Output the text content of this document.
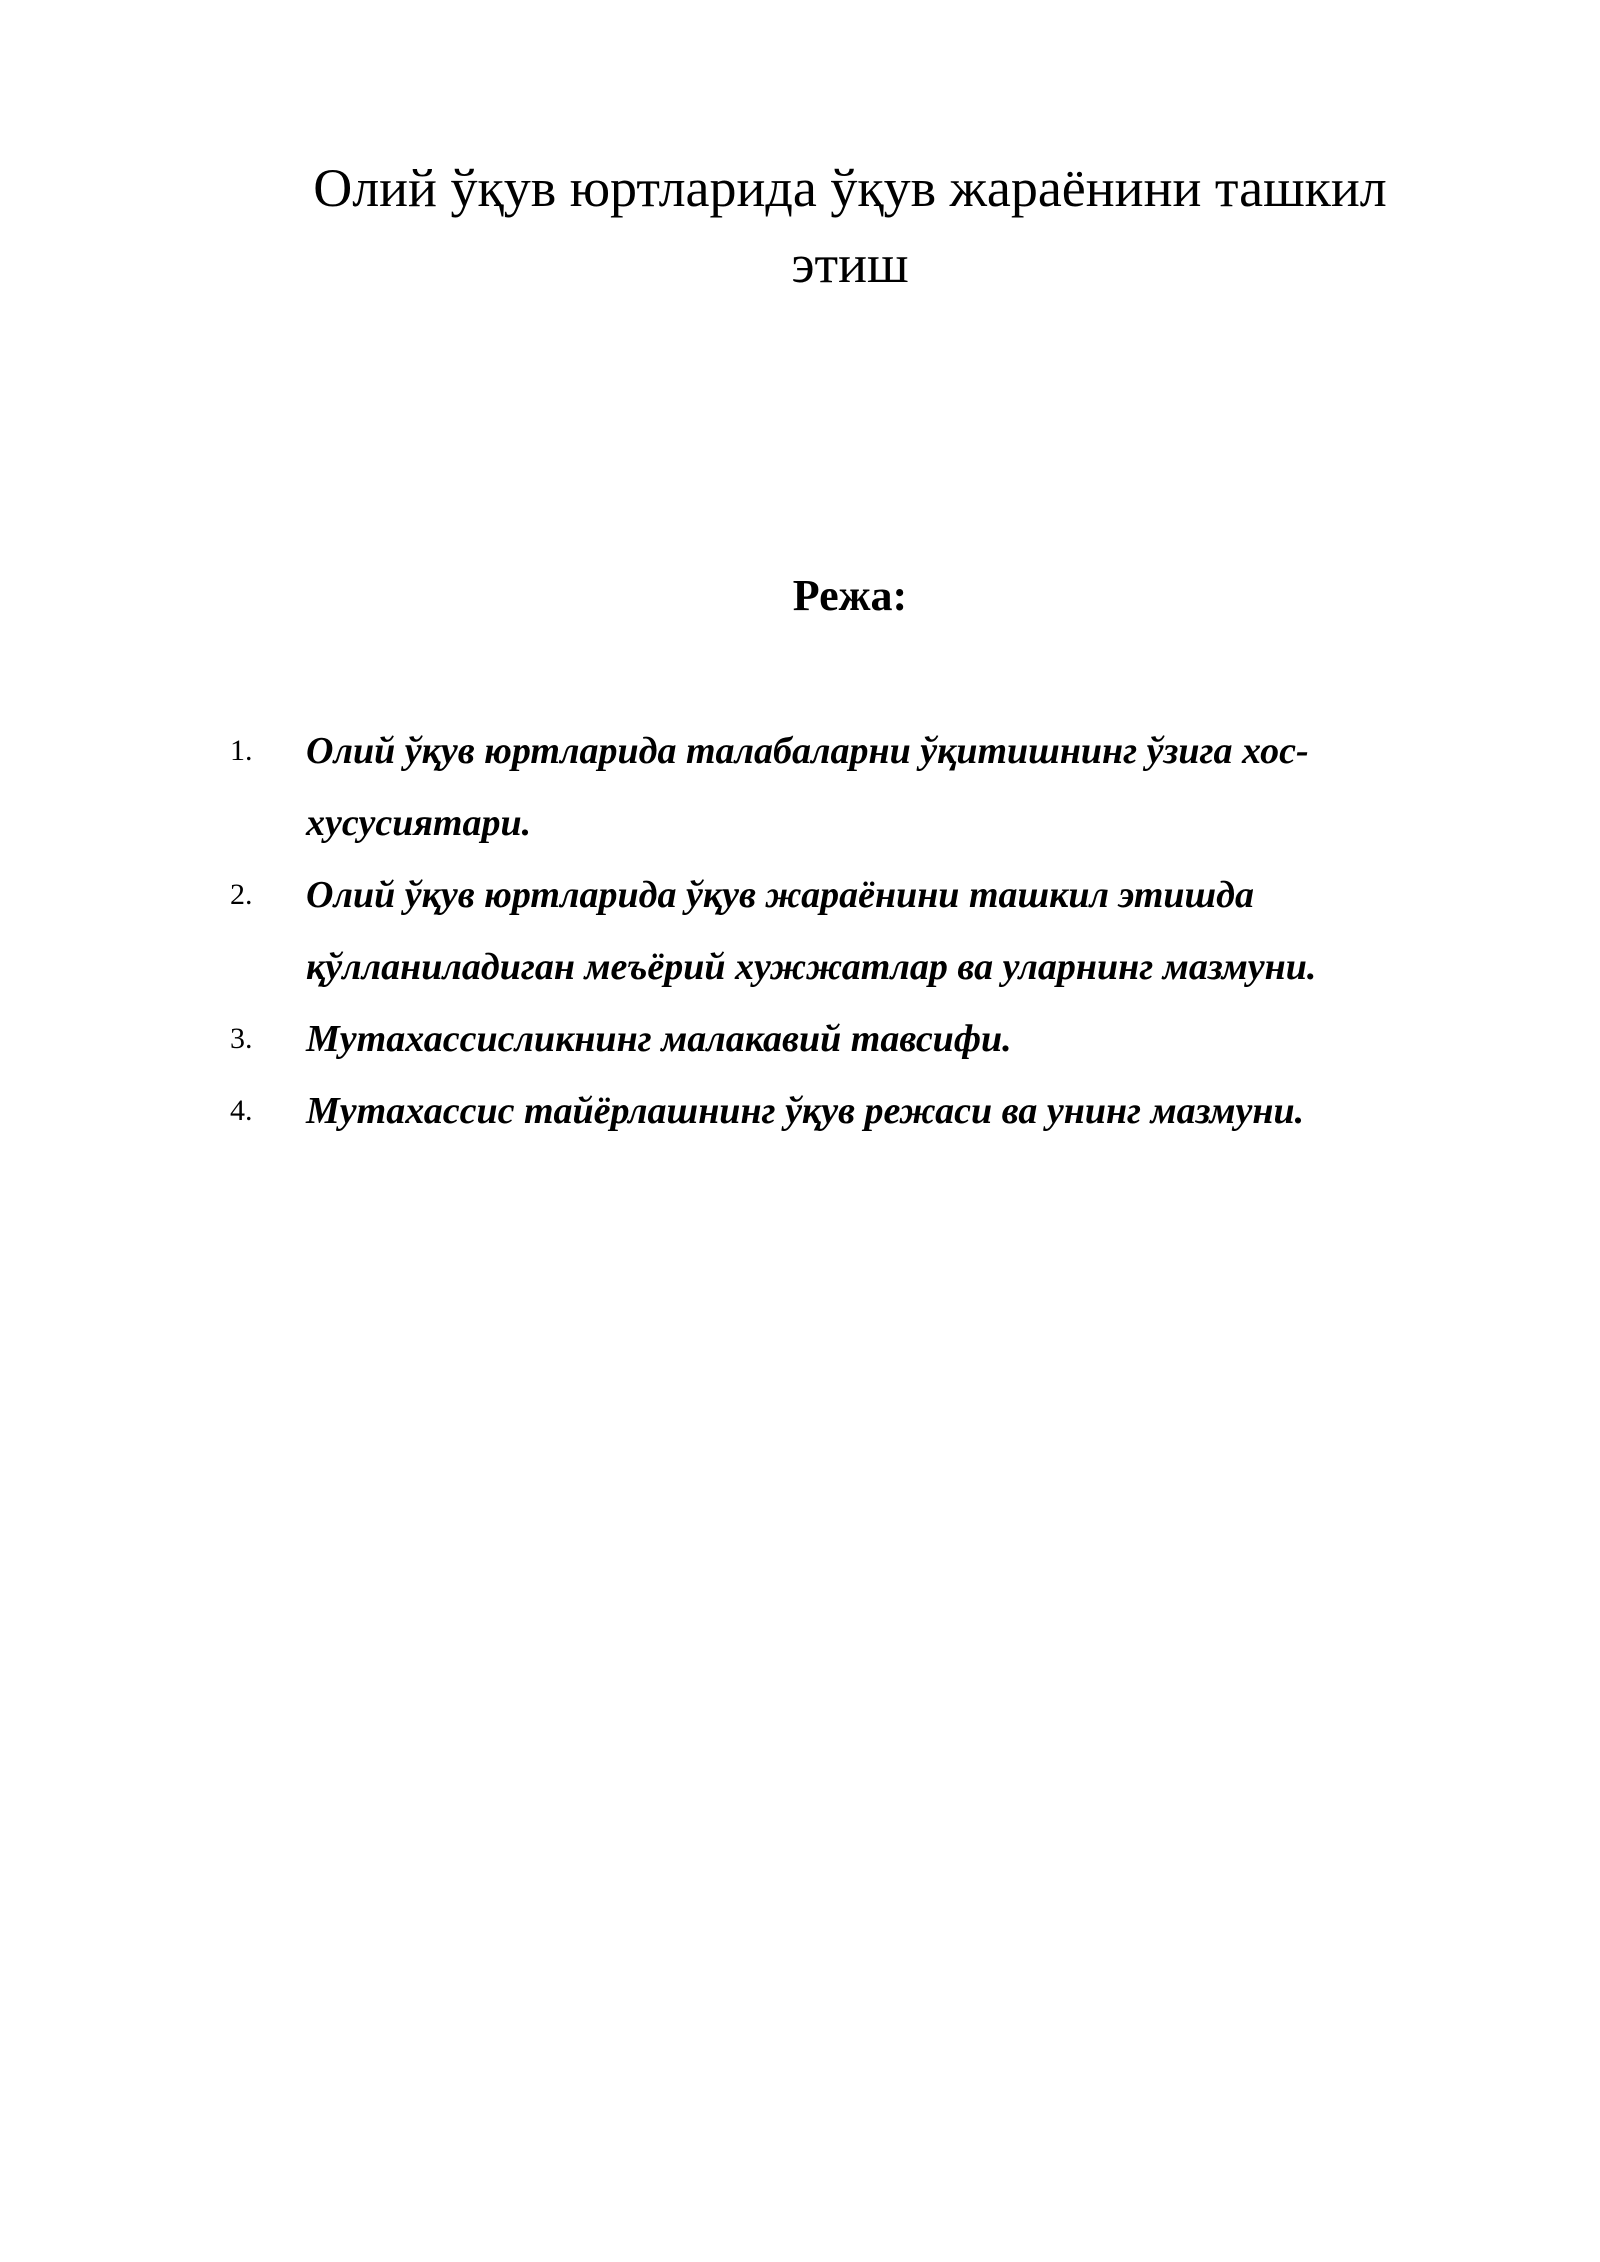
Олий ўқув юртларида ўқув жараёнини ташкил этиш
Режа:
1. Олий ўқув юртларида талабаларни ўқитишнинг ўзига хос- хусусиятари.
2. Олий ўқув юртларида ўқув жараёнини ташкил этишда қўлланиладиган меъёрий хужжатлар ва уларнинг мазмуни.
3. Мутахассисликнинг малакавий тавсифи.
4. Мутахассис тайёрлашнинг ўқув режаси ва унинг мазмуни.
